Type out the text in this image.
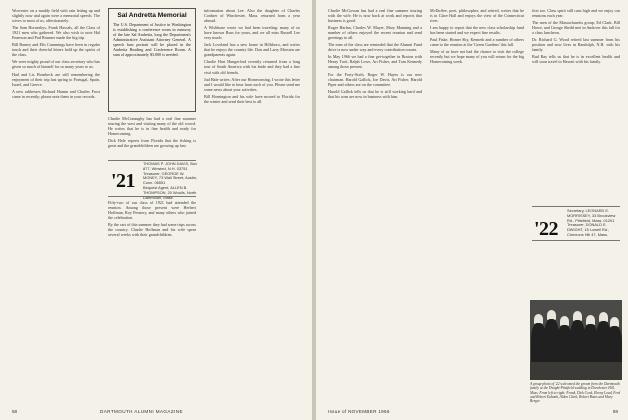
Worcester on a muddy field with rain letting up and slightly now and again were a memorial speech. The wives to most of us, affectionately.

The Sam Hornesbys, Frank Hascals, all the Class of 1921 men who gathered. We also wish to note Hal Emerson and Pud Brunner made the big trip.

Bill Barney and Elis Cummings have been in regular touch and their cheerful letters hold up the spirits of the class.

We were mighty proud of our class secretary who has given so much of himself for so many years to us.

Had and Lis Hornbeck are still remembering the enjoyment of their trip last spring to Portugal, Spain, Israel, and Greece.

A new addresses Richard Hamm and Charles Frost came in recently; please note them in your records.

Sal Andretta Memorial
The U.S. Department of Justice in Washington is establishing a conference room in memory of the late Sal Andretta, long the Department's Administrative Assistant Attorney General. A speech bust portrait will be placed in the Andretta Reading and Conference Room. A sum of approximately $3,000 is needed.

Charlie McConaughy has had a real fine summer touring the west and visiting many of the old crowd. He writes that he is in fine health and ready for Homecoming.

Dick Hole reports from Florida that the fishing is great and the grandchildren are growing up fast.

'21
THOMAS P. JOHN DAVIS, Box 877, Winsted, N.H. 03751
Treasurer, GEORGE W. MONEY, 73 Wall Street, Austin, Conn. 06551
Bequest Agent, ALLEN B. THOMPSON, 20 Woolls, North Dartmouth, Mass.

Fifty-two of our class of 1921 had attended the reunion. Among those present were Herbert Hoffman, Roy Peonery, and many others who joined the celebration.

By the cart of this summer they had some trips across the country. Charlie Hoffman and his wife spent several weeks with their grandchildren.

information about Lee. Also the daughter of Charles Cordner of Winchester, Mass. returned from a year abroad.

A Wishbone wrote we had been traveling: many of us have known Russ for years, and we all miss Russell Lee very much.

Jack Loveland has a new home in Hillsboro, and writes that he enjoys the country life. Don and Larry Marston are grandparents again.

Charlie Hart Hungerford recently returned from a long tour of South America with his bride and they had a fine visit with old friends.

Jud Hale writes: After our Homecoming, I wrote this letter and I would like to hear from each of you. Please send me some news about your activities.

Bill Hornington and his wife have moved to Florida for the winter and send their best to all.

58	DARTMOUTH ALUMNI MAGAZINE

Charlie McGowan has had a real fine summer touring with the wife. He is now back at work and reports that business is good.

Roger Harlan, Charles W. Mayer, Mary Manning and a number of others enjoyed the recent reunion and send greetings to all.

The men of the class are reminded that the Alumni Fund drive is now under way and every contribution counts.

In May 1966 we had a fine get-together in Boston with Henry Trott, Ralph Lowe, Art Fisher, and Tom Kennedy among those present.

For the Forty-Sixth, Roger W. Hayes is our new chairman. Harold Gallick, Joe Davis, Art Fisher, Harold Piper and others are on the committee.

Harold Gallick tells us that he is still working hard and that his sons are now in business with him.

McDuffee, poet, philosopher, and retired, writes that he is in Clare Hall and enjoys the view of the Connecticut river.

I am happy to report that the new class scholarship fund has been started and we expect fine results.

Paul Fiske, Homer Shy, Kenneth and a number of others came to the reunion at the 'Green Gardens' this fall.

Many of us have not had the chance to visit the college recently but we hope many of you will return for the big Homecoming week.

first too. Class spirit still runs high and we enjoy our reunions each year.

The men of the Massachusetts group, Ed Clark, Bill Howe, and George Shedd met in Andover this fall for a class luncheon.

Dr. Richard G. Wood retired last summer from his position and now lives in Randolph, N.H. with his family.

Bud Ray tells us that he is in excellent health and will soon travel to Hawaii with his family.

'22
Secretary, LEONARD E. MORRISSEY, 33 Brookview Rd., Pittsfield, Mass. 01201
Treasurer, DONALD E. DWIGHT, 15 Lowell Rd., Chevrons Hill 47, Mass.
A group photo of '22 welcomed the groom from the Dartmouth family at the Dwight-Pittsfield wedding in Dorchester Hill, Mass. From left to right: Frank, Dick Cook, Ebony Loud, Fred and Robert Eubank, Alden Clark, Robert Bates and Mary Berger.
Issue of NOVEMBER 1966	59
